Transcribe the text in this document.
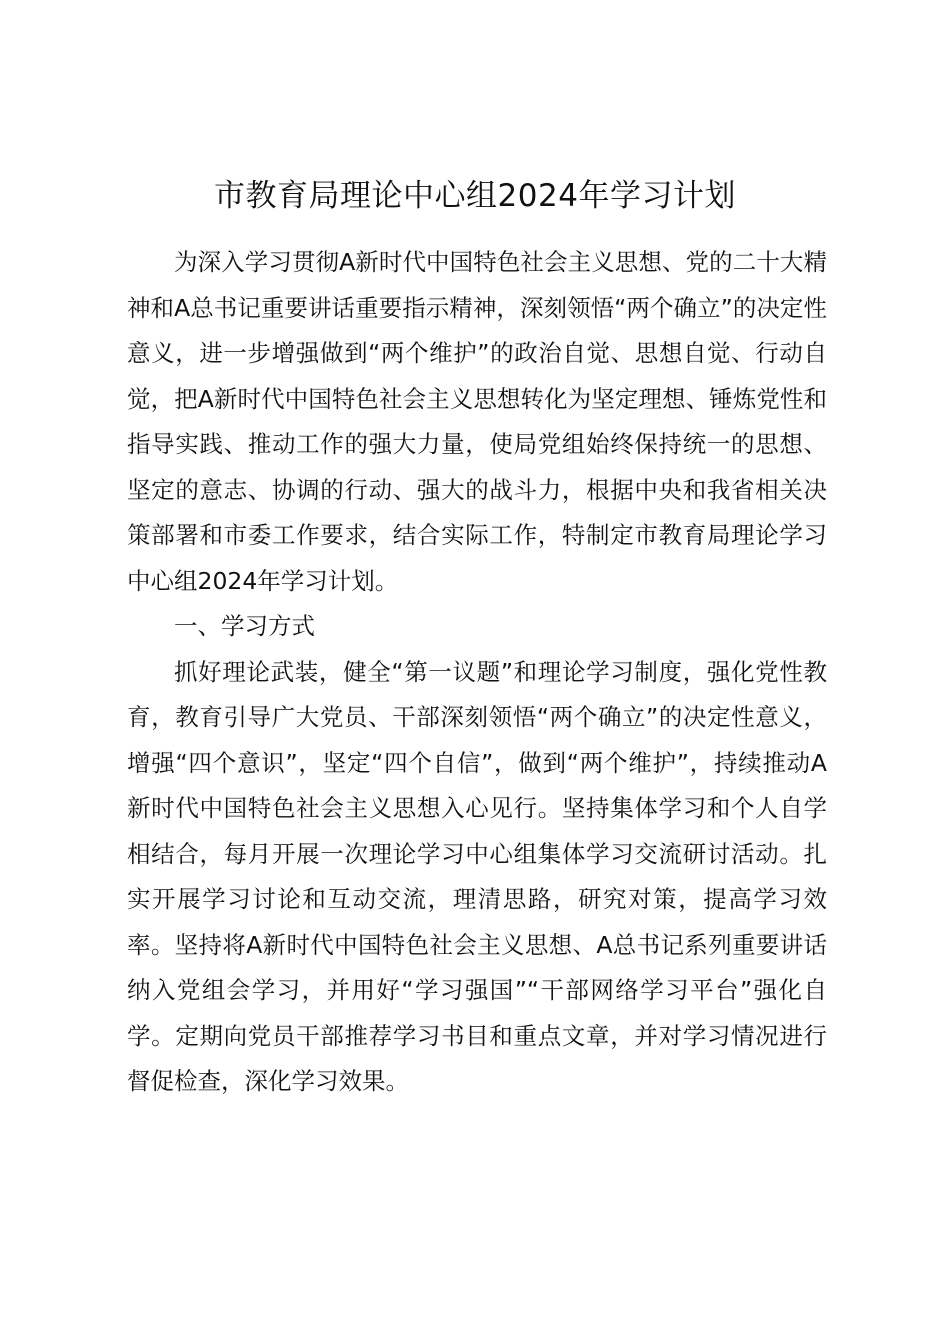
市教育局理论中心组2024年学习计划

为深入学习贯彻A新时代中国特色社会主义思想、党的二十大精神和A总书记重要讲话重要指示精神，深刻领悟“两个确立”的决定性意义，进一步增强做到“两个维护”的政治自觉、思想自觉、行动自觉，把A新时代中国特色社会主义思想转化为坚定理想、锤炼党性和指导实践、推动工作的强大力量，使局党组始终保持统一的思想、坚定的意志、协调的行动、强大的战斗力，根据中央和我省相关决策部署和市委工作要求，结合实际工作，特制定市教育局理论学习中心组2024年学习计划。

一、学习方式

抓好理论武装，健全“第一议题”和理论学习制度，强化党性教育，教育引导广大党员、干部深刻领悟“两个确立”的决定性意义，增强“四个意识”，坚定“四个自信”，做到“两个维护”，持续推动A新时代中国特色社会主义思想入心见行。坚持集体学习和个人自学相结合，每月开展一次理论学习中心组集体学习交流研讨活动。扎实开展学习讨论和互动交流，理清思路，研究对策，提高学习效率。坚持将A新时代中国特色社会主义思想、A总书记系列重要讲话纳入党组会学习，并用好“学习强国”“干部网络学习平台”强化自学。定期向党员干部推荐学习书目和重点文章，并对学习情况进行督促检查，深化学习效果。
